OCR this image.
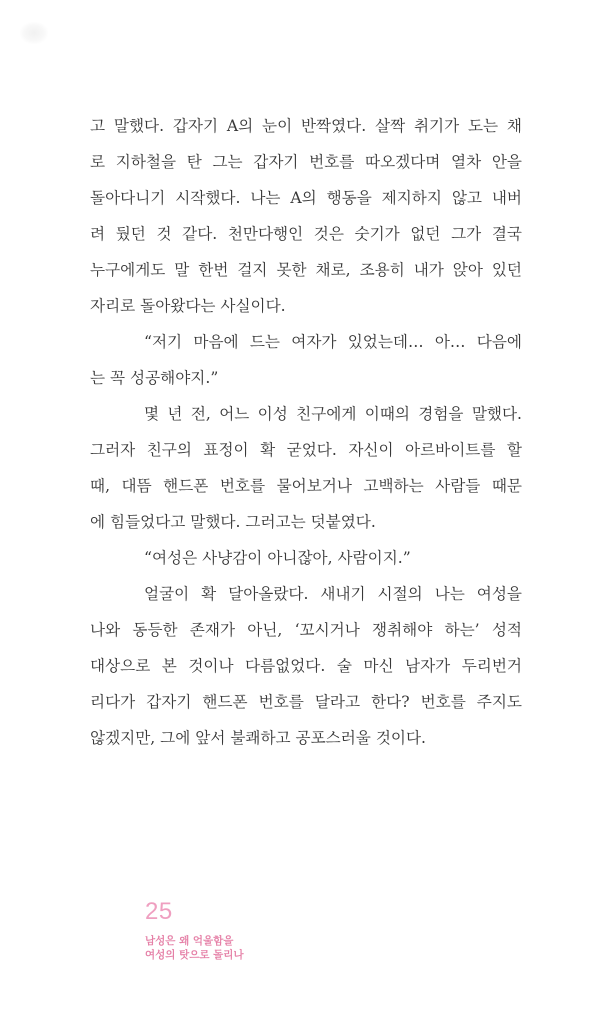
고 말했다. 갑자기 A의 눈이 반짝였다. 살짝 취기가 도는 채
로 지하철을 탄 그는 갑자기 번호를 따오겠다며 열차 안을
돌아다니기 시작했다. 나는 A의 행동을 제지하지 않고 내버
려 뒀던 것 같다. 천만다행인 것은 숫기가 없던 그가 결국
누구에게도 말 한번 걸지 못한 채로, 조용히 내가 앉아 있던
자리로 돌아왔다는 사실이다.
“저기 마음에 드는 여자가 있었는데… 아… 다음에
는 꼭 성공해야지.”
몇 년 전, 어느 이성 친구에게 이때의 경험을 말했다.
그러자 친구의 표정이 확 굳었다. 자신이 아르바이트를 할
때, 대뜸 핸드폰 번호를 물어보거나 고백하는 사람들 때문
에 힘들었다고 말했다. 그러고는 덧붙였다.
“여성은 사냥감이 아니잖아, 사람이지.”
얼굴이 확 달아올랐다. 새내기 시절의 나는 여성을
나와 동등한 존재가 아닌, ‘꼬시거나 쟁취해야 하는’ 성적
대상으로 본 것이나 다름없었다. 술 마신 남자가 두리번거
리다가 갑자기 핸드폰 번호를 달라고 한다? 번호를 주지도
않겠지만, 그에 앞서 불쾌하고 공포스러울 것이다.
25
남성은 왜 억울함을
여성의 탓으로 돌리나
